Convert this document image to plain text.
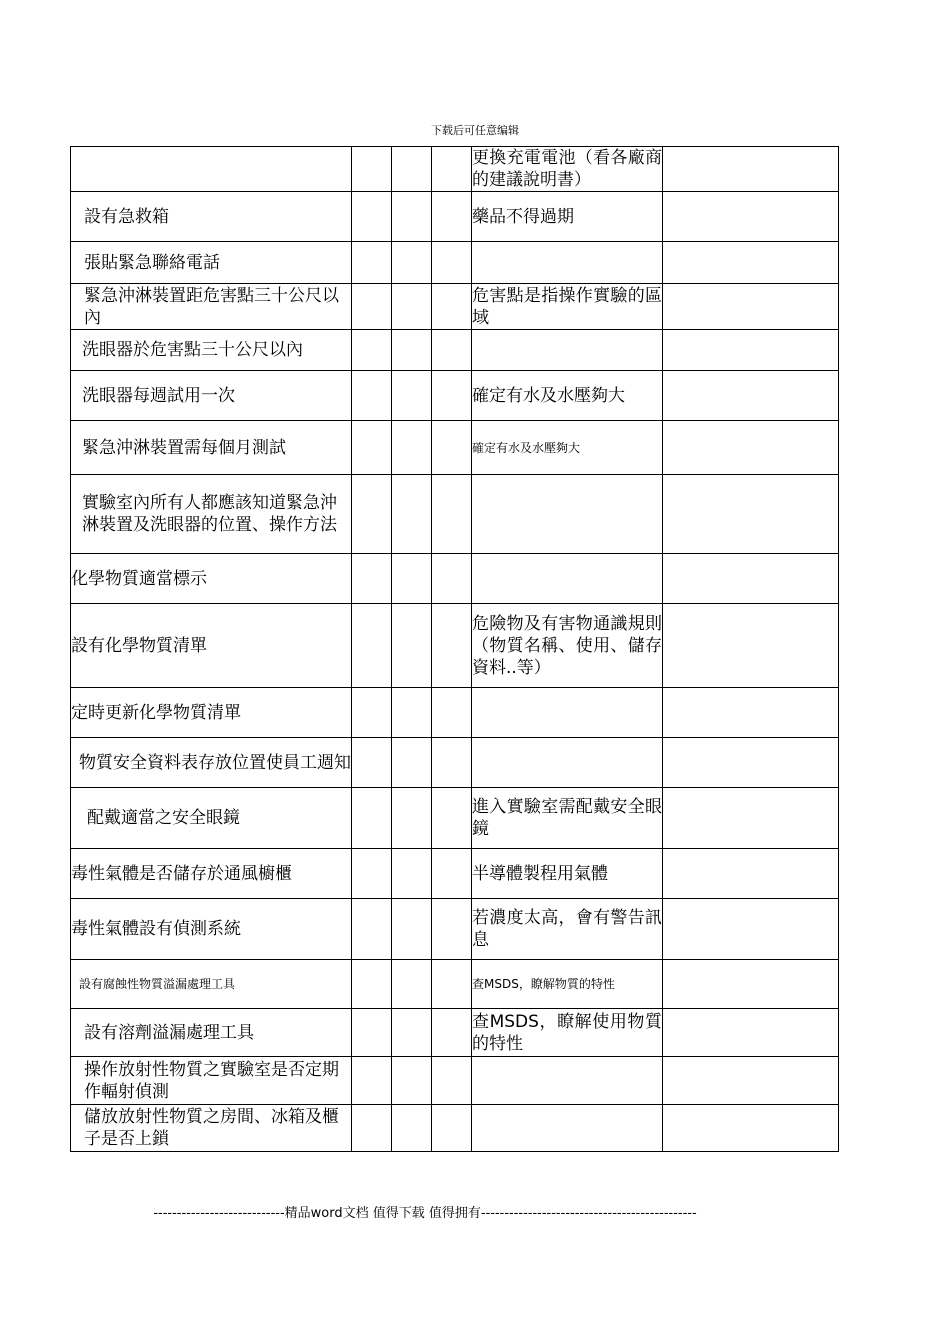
下载后可任意编辑
				更換充電電池（看各廠商的建議說明書）	
設有急救箱				藥品不得過期	
張貼緊急聯絡電話					
緊急沖淋裝置距危害點三十公尺以內				危害點是指操作實驗的區域	
洗眼器於危害點三十公尺以內					
洗眼器每週試用一次				確定有水及水壓夠大	
緊急沖淋裝置需每個月測試				確定有水及水壓夠大	
實驗室內所有人都應該知道緊急沖淋裝置及洗眼器的位置、操作方法					
化學物質適當標示					
設有化學物質清單				危險物及有害物通識規則（物質名稱、使用、儲存資料..等）	
定時更新化學物質清單					
物質安全資料表存放位置使員工週知					
配戴適當之安全眼鏡				進入實驗室需配戴安全眼鏡	
毒性氣體是否儲存於通風櫥櫃				半導體製程用氣體	
毒性氣體設有偵測系統				若濃度太高，會有警告訊息	
設有腐蝕性物質溢漏處理工具				查MSDS，瞭解物質的特性	
設有溶劑溢漏處理工具				查MSDS，瞭解使用物質的特性	
操作放射性物質之實驗室是否定期作輻射偵測					
儲放放射性物質之房間、冰箱及櫃子是否上鎖					
----------------------------精品word文档 值得下载 值得拥有----------------------------------------------
